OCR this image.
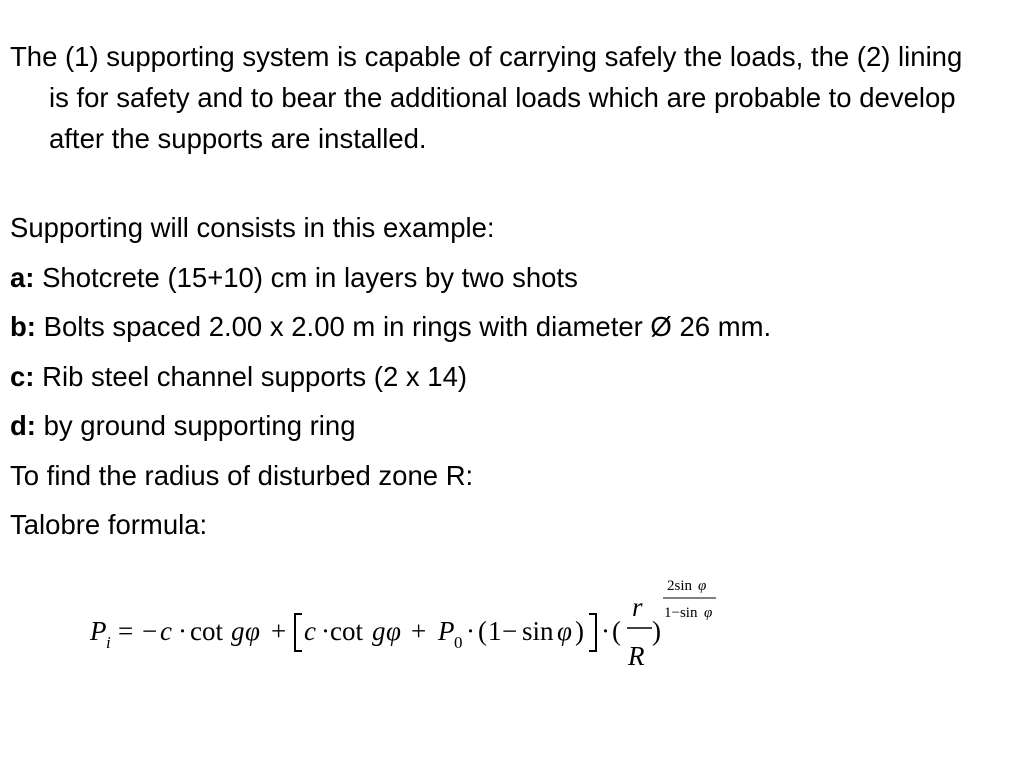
The (1) supporting system is capable of carrying safely the loads, the (2) lining is for safety and to bear the additional loads which are probable to develop after the supports are installed.

Supporting will consists in this example:

a: Shotcrete (15+10) cm in layers by two shots

b: Bolts spaced 2.00 x 2.00 m in rings with diameter Ø 26 mm.

c: Rib steel channel supports (2 x 14)

d: by ground supporting ring

To find the radius of disturbed zone R:

Talobre formula:

P i = − c · cot g φ + c · cot g φ + P 0 · ( 1 − sin φ ) · (
r
R
)
2sin φ
1−sin φ
